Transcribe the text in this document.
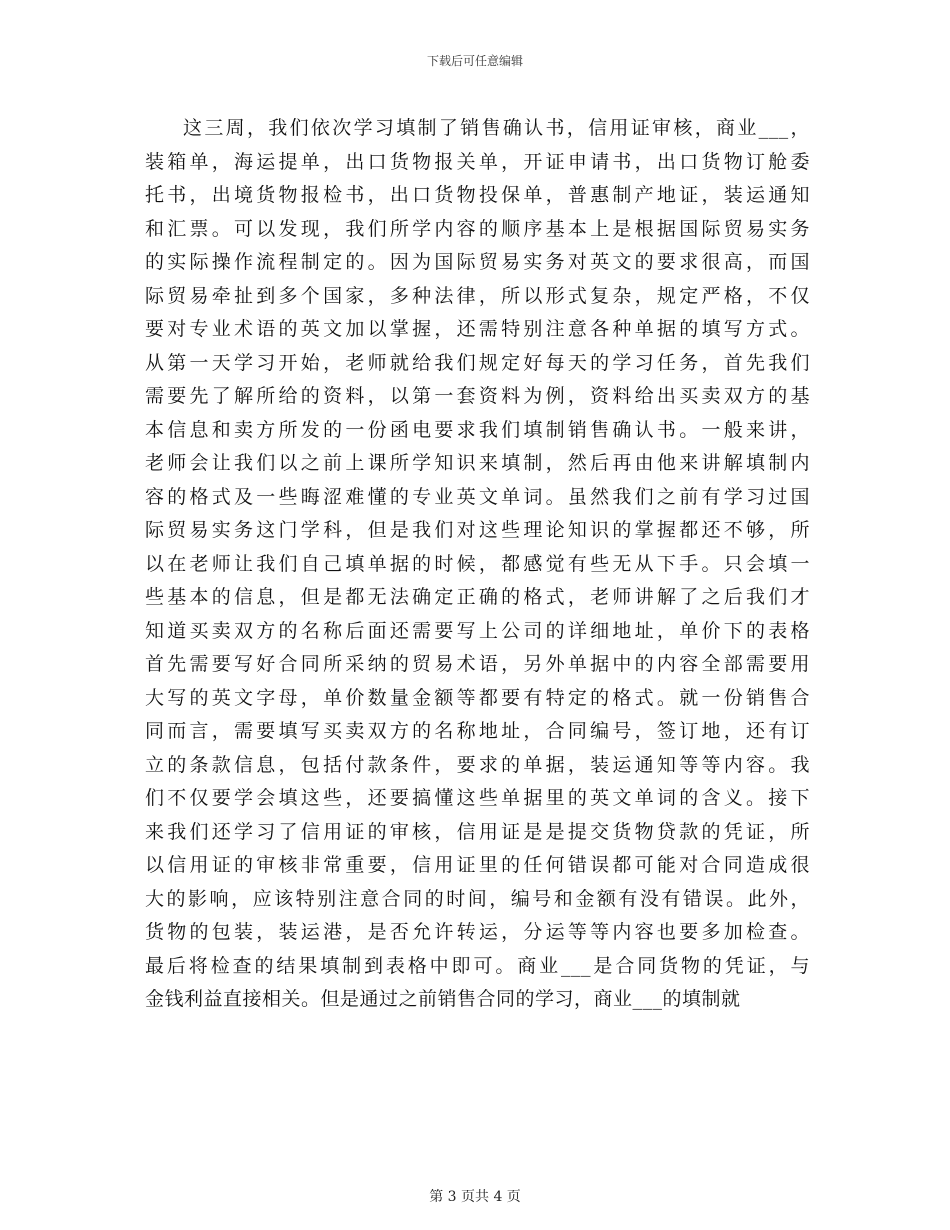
下载后可任意编辑
这三周，我们依次学习填制了销售确认书，信用证审核，商业___，
装箱单，海运提单，出口货物报关单，开证申请书，出口货物订舱委
托书，出境货物报检书，出口货物投保单，普惠制产地证，装运通知
和汇票。可以发现，我们所学内容的顺序基本上是根据国际贸易实务
的实际操作流程制定的。因为国际贸易实务对英文的要求很高，而国
际贸易牵扯到多个国家，多种法律，所以形式复杂，规定严格，不仅
要对专业术语的英文加以掌握，还需特别注意各种单据的填写方式。
从第一天学习开始，老师就给我们规定好每天的学习任务，首先我们
需要先了解所给的资料，以第一套资料为例，资料给出买卖双方的基
本信息和卖方所发的一份函电要求我们填制销售确认书。一般来讲，
老师会让我们以之前上课所学知识来填制，然后再由他来讲解填制内
容的格式及一些晦涩难懂的专业英文单词。虽然我们之前有学习过国
际贸易实务这门学科，但是我们对这些理论知识的掌握都还不够，所
以在老师让我们自己填单据的时候，都感觉有些无从下手。只会填一
些基本的信息，但是都无法确定正确的格式，老师讲解了之后我们才
知道买卖双方的名称后面还需要写上公司的详细地址，单价下的表格
首先需要写好合同所采纳的贸易术语，另外单据中的内容全部需要用
大写的英文字母，单价数量金额等都要有特定的格式。就一份销售合
同而言，需要填写买卖双方的名称地址，合同编号，签订地，还有订
立的条款信息，包括付款条件，要求的单据，装运通知等等内容。我
们不仅要学会填这些，还要搞懂这些单据里的英文单词的含义。接下
来我们还学习了信用证的审核，信用证是是提交货物贷款的凭证，所
以信用证的审核非常重要，信用证里的任何错误都可能对合同造成很
大的影响，应该特别注意合同的时间，编号和金额有没有错误。此外，
货物的包装，装运港，是否允许转运，分运等等内容也要多加检查。
最后将检查的结果填制到表格中即可。商业___是合同货物的凭证，与
金钱利益直接相关。但是通过之前销售合同的学习，商业___的填制就
第 3 页共 4 页
